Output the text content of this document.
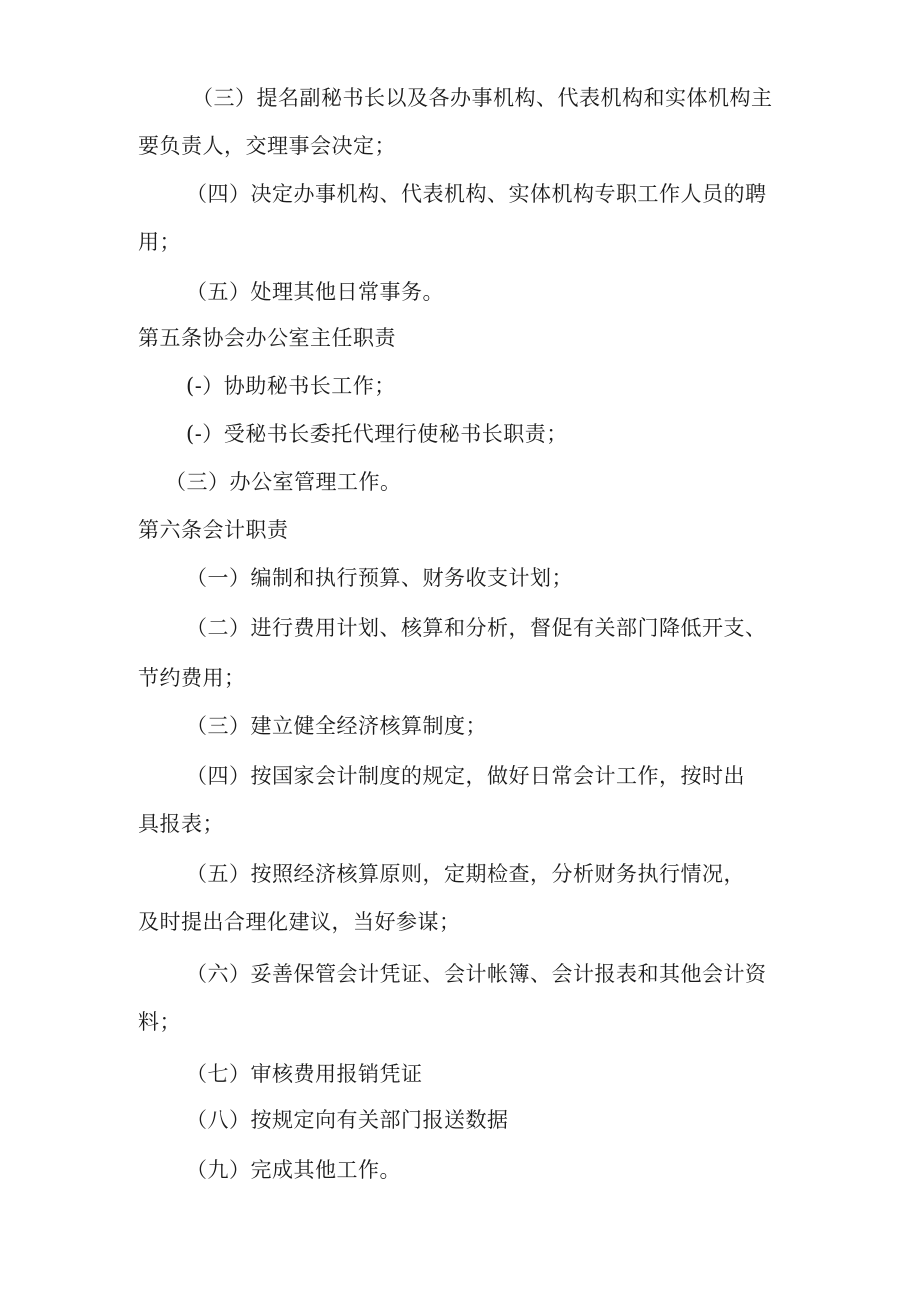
（三）提名副秘书长以及各办事机构、代表机构和实体机构主
要负责人，交理事会决定；
（四）决定办事机构、代表机构、实体机构专职工作人员的聘
用；
（五）处理其他日常事务。
第五条协会办公室主任职责
(-）协助秘书长工作；
(-）受秘书长委托代理行使秘书长职责；
（三）办公室管理工作。
第六条会计职责
（一）编制和执行预算、财务收支计划；
（二）进行费用计划、核算和分析，督促有关部门降低开支、
节约费用；
（三）建立健全经济核算制度；
（四）按国家会计制度的规定，做好日常会计工作，按时出
具报表；
（五）按照经济核算原则，定期检查，分析财务执行情况，
及时提出合理化建议，当好参谋；
（六）妥善保管会计凭证、会计帐簿、会计报表和其他会计资
料；
（七）审核费用报销凭证
（八）按规定向有关部门报送数据
（九）完成其他工作。
